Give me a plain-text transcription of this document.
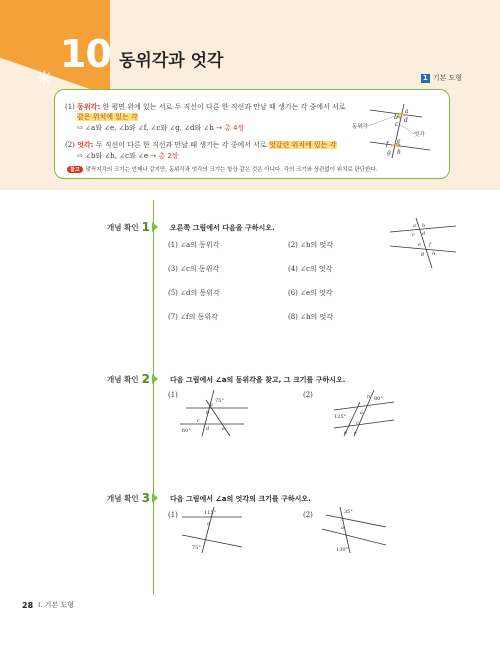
10
✳
동위각과 엇각
1 기본 도형
(1) 동위각: 한 평면 위에 있는 서로 두 직선이 다른 한 직선과 만날 때 생기는 각 중에서 서로
같은 위치에 있는 각
⇨ ∠a와 ∠e, ∠b와 ∠f, ∠c와 ∠g, ∠d와 ∠h → 총 4쌍
(2) 엇각: 두 직선이 다른 한 직선과 만날 때 생기는 각 중에서 서로 엇갈린 위치에 있는 각
⇨ ∠b와 ∠h, ∠c와 ∠e → 총 2쌍
참고	맞꼭지각의 크기는 언제나 같지만, 동위각과 엇각의 크기는 항상 같은 것은 아니다. 각의 크기와 상관없이 위치로 판단한다.
a
b
c
d
e
f
g h
동위각
엇각
개념 확인 1	오른쪽 그림에서 다음을 구하시오.
(1) ∠a의 동위각	(2) ∠b의 엇각
(3) ∠c의 동위각	(4) ∠c의 엇각
(5) ∠d의 동위각	(6) ∠e의 엇각
(7) ∠f의 동위각	(8) ∠h의 엇각
a b
c d
e f
g h
개념 확인 2	다음 그림에서 ∠a의 동위각을 찾고, 그 크기를 구하시오.
(1)
75°
60°
a
b
c
d	e
(2)	80°
125°
a
b
c
d e
개념 확인 3	다음 그림에서 ∠a의 엇각의 크기를 구하시오.
(1)	115°
75°
a
(2)	35°
130°
a
28 I. 기본 도형
